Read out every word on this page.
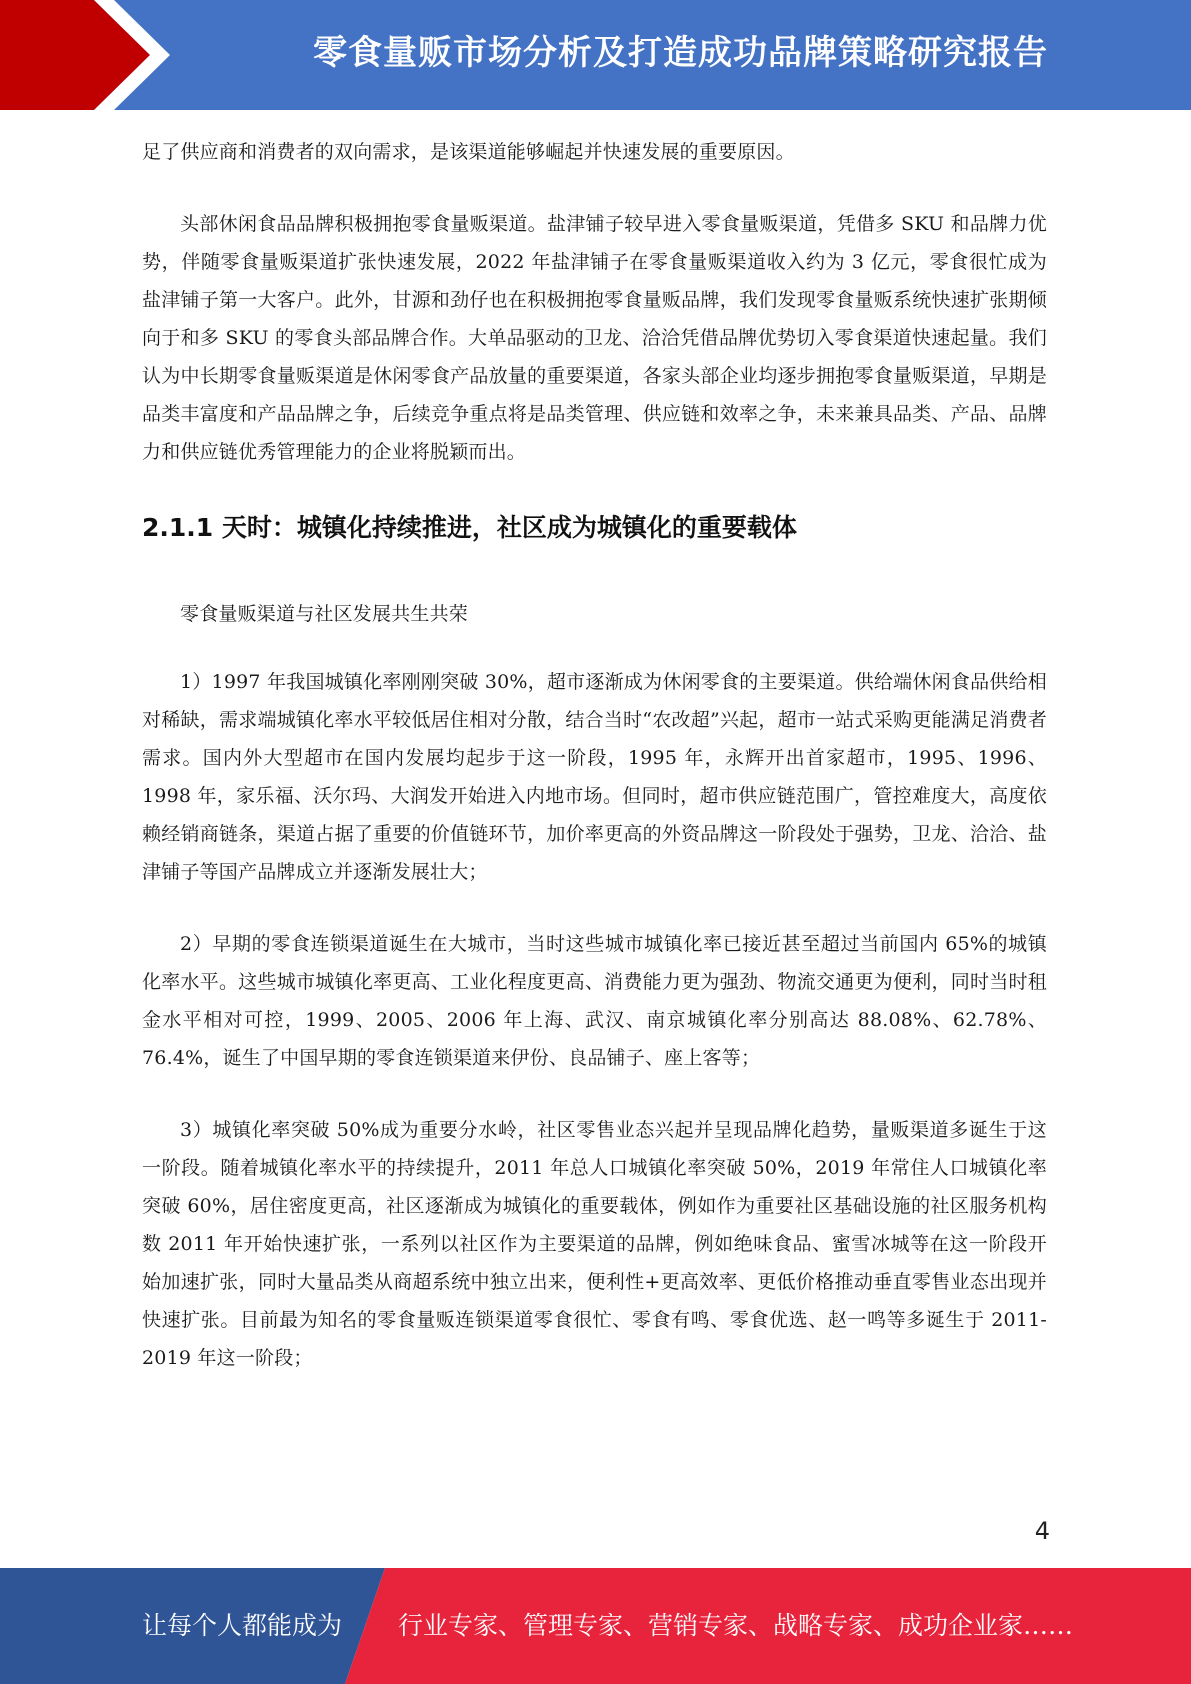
零食量贩市场分析及打造成功品牌策略研究报告

足了供应商和消费者的双向需求，是该渠道能够崛起并快速发展的重要原因。

头部休闲食品品牌积极拥抱零食量贩渠道。盐津铺子较早进入零食量贩渠道，凭借多 SKU 和品牌力优势，伴随零食量贩渠道扩张快速发展，2022 年盐津铺子在零食量贩渠道收入约为 3 亿元，零食很忙成为盐津铺子第一大客户。此外，甘源和劲仔也在积极拥抱零食量贩品牌，我们发现零食量贩系统快速扩张期倾向于和多 SKU 的零食头部品牌合作。大单品驱动的卫龙、洽洽凭借品牌优势切入零食渠道快速起量。我们认为中长期零食量贩渠道是休闲零食产品放量的重要渠道，各家头部企业均逐步拥抱零食量贩渠道，早期是品类丰富度和产品品牌之争，后续竞争重点将是品类管理、供应链和效率之争，未来兼具品类、产品、品牌力和供应链优秀管理能力的企业将脱颖而出。

2.1.1 天时：城镇化持续推进，社区成为城镇化的重要载体

零食量贩渠道与社区发展共生共荣

1）1997 年我国城镇化率刚刚突破 30%，超市逐渐成为休闲零食的主要渠道。供给端休闲食品供给相对稀缺，需求端城镇化率水平较低居住相对分散，结合当时“农改超”兴起，超市一站式采购更能满足消费者需求。国内外大型超市在国内发展均起步于这一阶段，1995 年，永辉开出首家超市，1995、1996、1998 年，家乐福、沃尔玛、大润发开始进入内地市场。但同时，超市供应链范围广，管控难度大，高度依赖经销商链条，渠道占据了重要的价值链环节，加价率更高的外资品牌这一阶段处于强势，卫龙、洽洽、盐津铺子等国产品牌成立并逐渐发展壮大；

2）早期的零食连锁渠道诞生在大城市，当时这些城市城镇化率已接近甚至超过当前国内 65%的城镇化率水平。这些城市城镇化率更高、工业化程度更高、消费能力更为强劲、物流交通更为便利，同时当时租金水平相对可控，1999、2005、2006 年上海、武汉、南京城镇化率分别高达 88.08%、62.78%、76.4%，诞生了中国早期的零食连锁渠道来伊份、良品铺子、座上客等；

3）城镇化率突破 50%成为重要分水岭，社区零售业态兴起并呈现品牌化趋势，量贩渠道多诞生于这一阶段。随着城镇化率水平的持续提升，2011 年总人口城镇化率突破 50%，2019 年常住人口城镇化率突破 60%，居住密度更高，社区逐渐成为城镇化的重要载体，例如作为重要社区基础设施的社区服务机构数 2011 年开始快速扩张，一系列以社区作为主要渠道的品牌，例如绝味食品、蜜雪冰城等在这一阶段开始加速扩张，同时大量品类从商超系统中独立出来，便利性+更高效率、更低价格推动垂直零售业态出现并快速扩张。目前最为知名的零食量贩连锁渠道零食很忙、零食有鸣、零食优选、赵一鸣等多诞生于 2011-2019 年这一阶段；

4
让每个人都能成为 行业专家、管理专家、营销专家、战略专家、成功企业家……
